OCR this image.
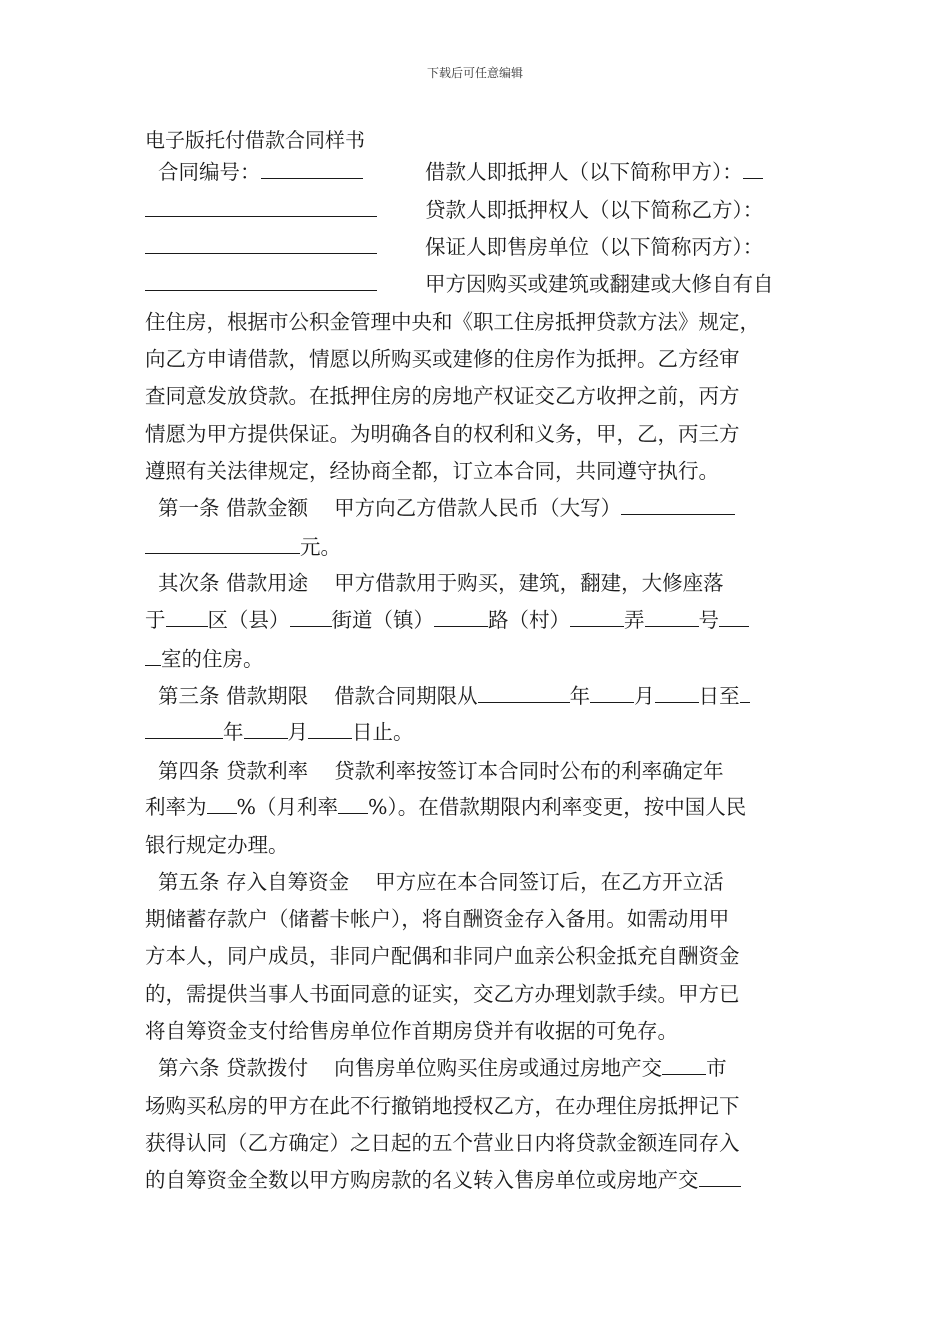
下载后可任意编辑
电子版托付借款合同样书
合同编号：	借款人即抵押人（以下简称甲方）：
贷款人即抵押权人（以下简称乙方）：
保证人即售房单位（以下简称丙方）：
甲方因购买或建筑或翻建或大修自有自
住住房，根据市公积金管理中央和《职工住房抵押贷款方法》规定，
向乙方申请借款，情愿以所购买或建修的住房作为抵押。乙方经审
查同意发放贷款。在抵押住房的房地产权证交乙方收押之前，丙方
情愿为甲方提供保证。为明确各自的权利和义务，甲，乙，丙三方
遵照有关法律规定，经协商全都，订立本合同，共同遵守执行。
第一条 借款金额 甲方向乙方借款人民币（大写）
元。
其次条 借款用途 甲方借款用于购买，建筑，翻建，大修座落
于 区（县） 街道（镇）	路（村）	弄	号
室的住房。
第三条 借款期限 借款合同期限从	年 月 日至
年 月 日止。
第四条 贷款利率 贷款利率按签订本合同时公布的利率确定年
利率为 %（月利率 %）。在借款期限内利率变更，按中国人民
银行规定办理。
第五条 存入自筹资金 甲方应在本合同签订后，在乙方开立活
期储蓄存款户（储蓄卡帐户），将自酬资金存入备用。如需动用甲
方本人，同户成员，非同户配偶和非同户血亲公积金抵充自酬资金
的，需提供当事人书面同意的证实，交乙方办理划款手续。甲方已
将自筹资金支付给售房单位作首期房贷并有收据的可免存。
第六条 贷款拨付 向售房单位购买住房或通过房地产交 市
场购买私房的甲方在此不行撤销地授权乙方，在办理住房抵押记下
获得认同（乙方确定）之日起的五个营业日内将贷款金额连同存入
的自筹资金全数以甲方购房款的名义转入售房单位或房地产交
